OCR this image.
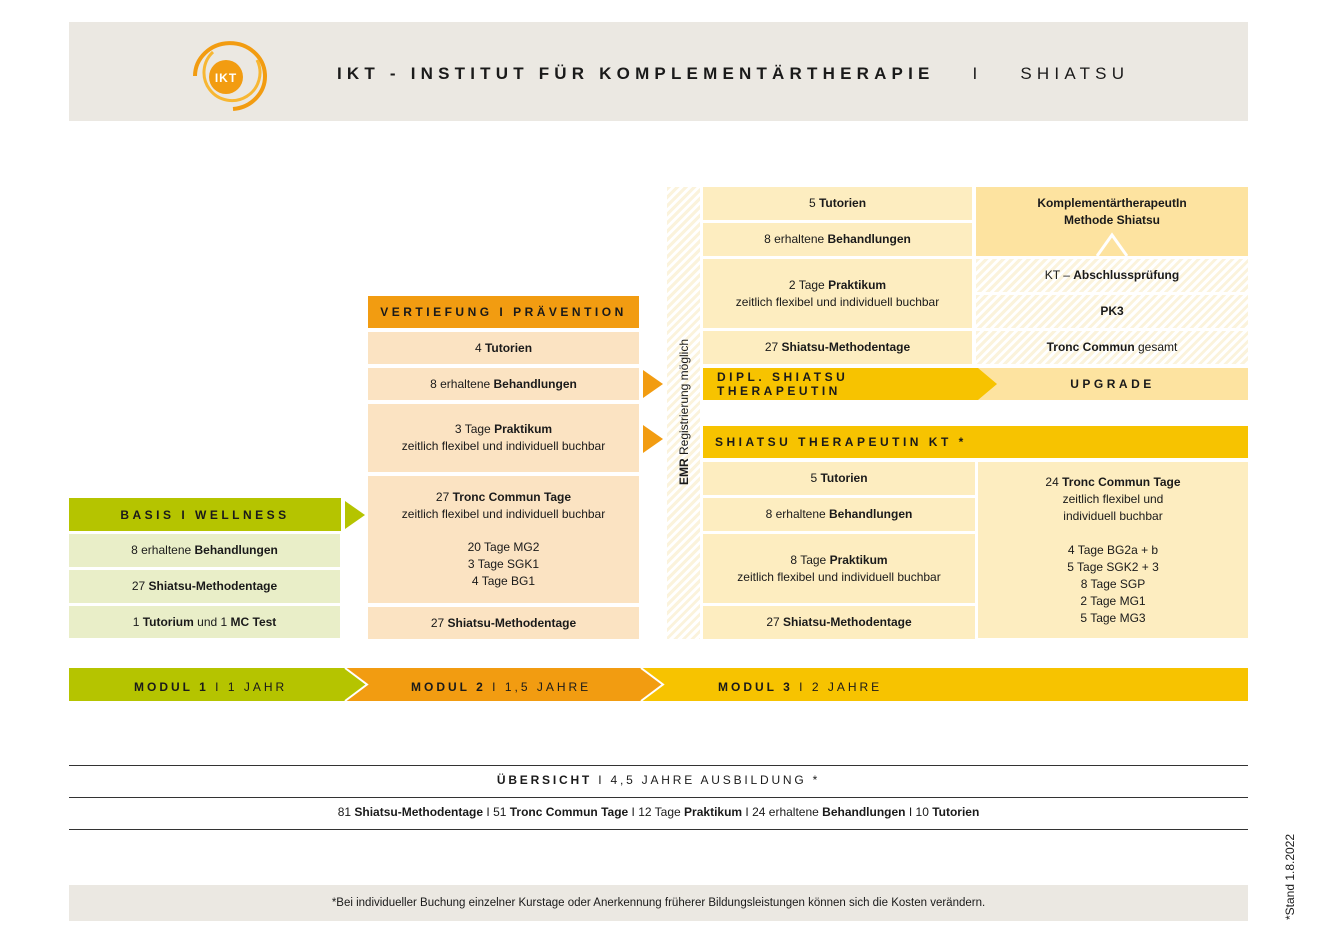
IKT	IKT - INSTITUT FÜR KOMPLEMENTÄRTHERAPIE I SHIATSU
BASIS I WELLNESS
8 erhaltene Behandlungen
27 Shiatsu-Methodentage
1 Tutorium und 1 MC Test
VERTIEFUNG I PRÄVENTION
4 Tutorien
8 erhaltene Behandlungen
3 Tage Praktikum
zeitlich flexibel und individuell buchbar
27 Tronc Commun Tage
zeitlich flexibel und individuell buchbar
20 Tage MG2
3 Tage SGK1
4 Tage BG1
27 Shiatsu-Methodentage
EMR Registrierung möglich
5 Tutorien
8 erhaltene Behandlungen
2 Tage Praktikum
zeitlich flexibel und individuell buchbar
27 Shiatsu-Methodentage
KomplementärtherapeutIn
Methode Shiatsu
KT – Abschlussprüfung
PK3
Tronc Commun gesamt
DIPL. SHIATSU THERAPEUTIN	UPGRADE
SHIATSU THERAPEUTIN KT *
5 Tutorien
8 erhaltene Behandlungen
8 Tage Praktikum
zeitlich flexibel und individuell buchbar
27 Shiatsu-Methodentage
24 Tronc Commun Tage
zeitlich flexibel und
individuell buchbar
4 Tage BG2a + b
5 Tage SGK2 + 3
8 Tage SGP
2 Tage MG1
5 Tage MG3
MODUL 1 I 1 JAHR	MODUL 2 I 1,5 JAHRE	MODUL 3 I 2 JAHRE
ÜBERSICHT I 4,5 JAHRE AUSBILDUNG *
81 Shiatsu-Methodentage I 51 Tronc Commun Tage I 12 Tage Praktikum I 24 erhaltene Behandlungen I 10 Tutorien
*Bei individueller Buchung einzelner Kurstage oder Anerkennung früherer Bildungsleistungen können sich die Kosten verändern.	*Stand 1.8.2022
